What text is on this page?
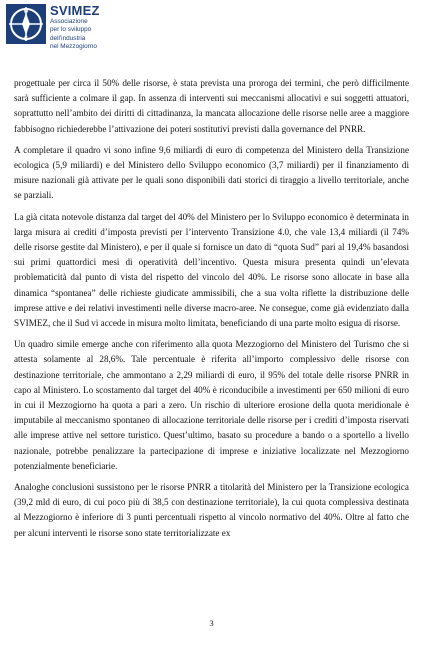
N
S
SVIMEZ
Associazione
per lo sviluppo
dell'industria
nel Mezzogiorno

progettuale per circa il 50% delle risorse, è stata prevista una proroga dei termini, che però difficilmente sarà sufficiente a colmare il gap. In assenza di interventi sui meccanismi allocativi e sui soggetti attuatori, soprattutto nell’ambito dei diritti di cittadinanza, la mancata allocazione delle risorse nelle aree a maggiore fabbisogno richiederebbe l’attivazione dei poteri sostitutivi previsti dalla governance del PNRR.

A completare il quadro vi sono infine 9,6 miliardi di euro di competenza del Ministero della Transizione ecologica (5,9 miliardi) e del Ministero dello Sviluppo economico (3,7 miliardi) per il finanziamento di misure nazionali già attivate per le quali sono disponibili dati storici di tiraggio a livello territoriale, anche se parziali.

La già citata notevole distanza dal target del 40% del Ministero per lo Sviluppo economico è determinata in larga misura ai crediti d’imposta previsti per l’intervento Transizione 4.0, che vale 13,4 miliardi (il 74% delle risorse gestite dal Ministero), e per il quale si fornisce un dato di “quota Sud” pari al 19,4% basandosi sui primi quattordici mesi di operatività dell’incentivo. Questa misura presenta quindi un’elevata problematicità dal punto di vista del rispetto del vincolo del 40%. Le risorse sono allocate in base alla dinamica “spontanea” delle richieste giudicate ammissibili, che a sua volta riflette la distribuzione delle imprese attive e dei relativi investimenti nelle diverse macro-aree. Ne consegue, come già evidenziato dalla SVIMEZ, che il Sud vi accede in misura molto limitata, beneficiando di una parte molto esigua di risorse.

Un quadro simile emerge anche con riferimento alla quota Mezzogiorno del Ministero del Turismo che si attesta solamente al 28,6%. Tale percentuale è riferita all’importo complessivo delle risorse con destinazione territoriale, che ammontano a 2,29 miliardi di euro, il 95% del totale delle risorse PNRR in capo al Ministero. Lo scostamento dal target del 40% è riconducibile a investimenti per 650 milioni di euro in cui il Mezzogiorno ha quota a pari a zero. Un rischio di ulteriore erosione della quota meridionale è imputabile al meccanismo spontaneo di allocazione territoriale delle risorse per i crediti d’imposta riservati alle imprese attive nel settore turistico. Quest’ultimo, basato su procedure a bando o a sportello a livello nazionale, potrebbe penalizzare la partecipazione di imprese e iniziative localizzate nel Mezzogiorno potenzialmente beneficiarie.

Analoghe conclusioni sussistono per le risorse PNRR a titolarità del Ministero per la Transizione ecologica (39,2 mld di euro, di cui poco più di 38,5 con destinazione territoriale), la cui quota complessiva destinata al Mezzogiorno è inferiore di 3 punti percentuali rispetto al vincolo normativo del 40%. Oltre al fatto che per alcuni interventi le risorse sono state territorializzate ex

3
